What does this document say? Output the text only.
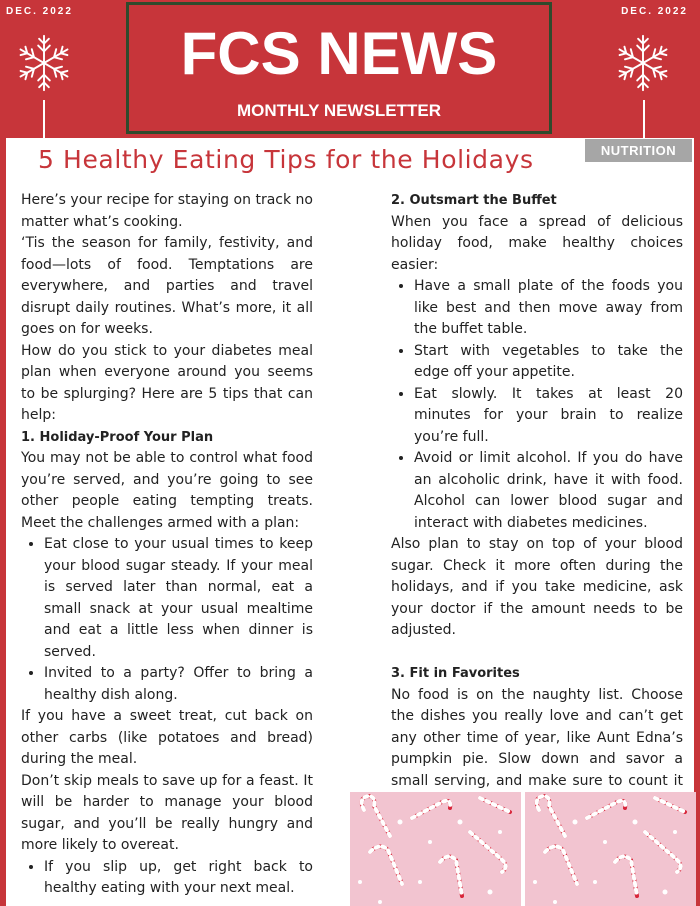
DEC. 2022	DEC. 2022
FCS NEWS
MONTHLY NEWSLETTER
NUTRITION
5 Healthy Eating Tips for the Holidays

Here’s your recipe for staying on track no matter what’s cooking.

‘Tis the season for family, festivity, and food—lots of food. Temptations are everywhere, and parties and travel disrupt daily routines. What’s more, it all goes on for weeks.

How do you stick to your diabetes meal plan when everyone around you seems to be splurging? Here are 5 tips that can help:

1. Holiday-Proof Your Plan

You may not be able to control what food you’re served, and you’re going to see other people eating tempting treats. Meet the challenges armed with a plan:

• Eat close to your usual times to keep your blood sugar steady. If your meal is served later than normal, eat a small snack at your usual mealtime and eat a little less when dinner is served.
• Invited to a party? Offer to bring a healthy dish along.

If you have a sweet treat, cut back on other carbs (like potatoes and bread) during the meal.

Don’t skip meals to save up for a feast. It will be harder to manage your blood sugar, and you’ll be really hungry and more likely to overeat.

• If you slip up, get right back to healthy eating with your next meal.
2. Outsmart the Buffet

When you face a spread of delicious holiday food, make healthy choices easier:

• Have a small plate of the foods you like best and then move away from the buffet table.
• Start with vegetables to take the edge off your appetite.
• Eat slowly. It takes at least 20 minutes for your brain to realize you’re full.
• Avoid or limit alcohol. If you do have an alcoholic drink, have it with food. Alcohol can lower blood sugar and interact with diabetes medicines.

Also plan to stay on top of your blood sugar. Check it more often during the holidays, and if you take medicine, ask your doctor if the amount needs to be adjusted.

3. Fit in Favorites

No food is on the naughty list. Choose the dishes you really love and can’t get any other time of year, like Aunt Edna’s pumpkin pie. Slow down and savor a small serving, and make sure to count it
